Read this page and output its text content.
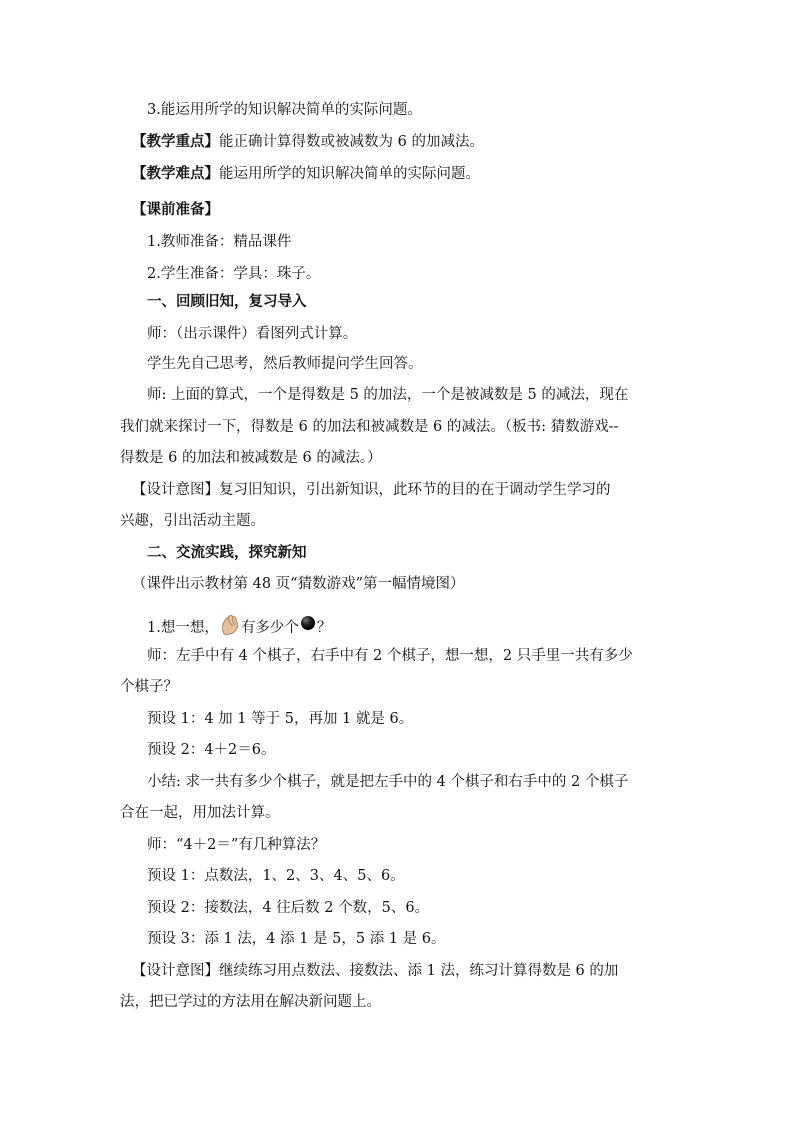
3.能运用所学的知识解决简单的实际问题。
【教学重点】能正确计算得数或被减数为 6 的加减法。
【教学难点】能运用所学的知识解决简单的实际问题。
【课前准备】
1.教师准备：精品课件
2.学生准备：学具：珠子。
一、回顾旧知，复习导入
师：（出示课件）看图列式计算。
学生先自己思考，然后教师提问学生回答。
师: 上面的算式，一个是得数是 5 的加法，一个是被减数是 5 的减法，现在
我们就来探讨一下，得数是 6 的加法和被减数是 6 的减法。（板书: 猜数游戏--
得数是 6 的加法和被减数是 6 的减法。）
【设计意图】复习旧知识，引出新知识，此环节的目的在于调动学生学习的
兴趣，引出活动主题。
二、交流实践，探究新知
（课件出示教材第 48 页“猜数游戏”第一幅情境图）
1.想一想， 有多少个 ？
师：左手中有 4 个棋子，右手中有 2 个棋子，想一想，2 只手里一共有多少
个棋子？
预设 1：4 加 1 等于 5，再加 1 就是 6。
预设 2：4＋2＝6。
小结: 求一共有多少个棋子，就是把左手中的 4 个棋子和右手中的 2 个棋子
合在一起，用加法计算。
师：“4＋2＝”有几种算法？
预设 1：点数法，1、2、3、4、5、6。
预设 2：接数法，4 往后数 2 个数，5、6。
预设 3：添 1 法，4 添 1 是 5，5 添 1 是 6。
【设计意图】继续练习用点数法、接数法、添 1 法，练习计算得数是 6 的加
法，把已学过的方法用在解决新问题上。
